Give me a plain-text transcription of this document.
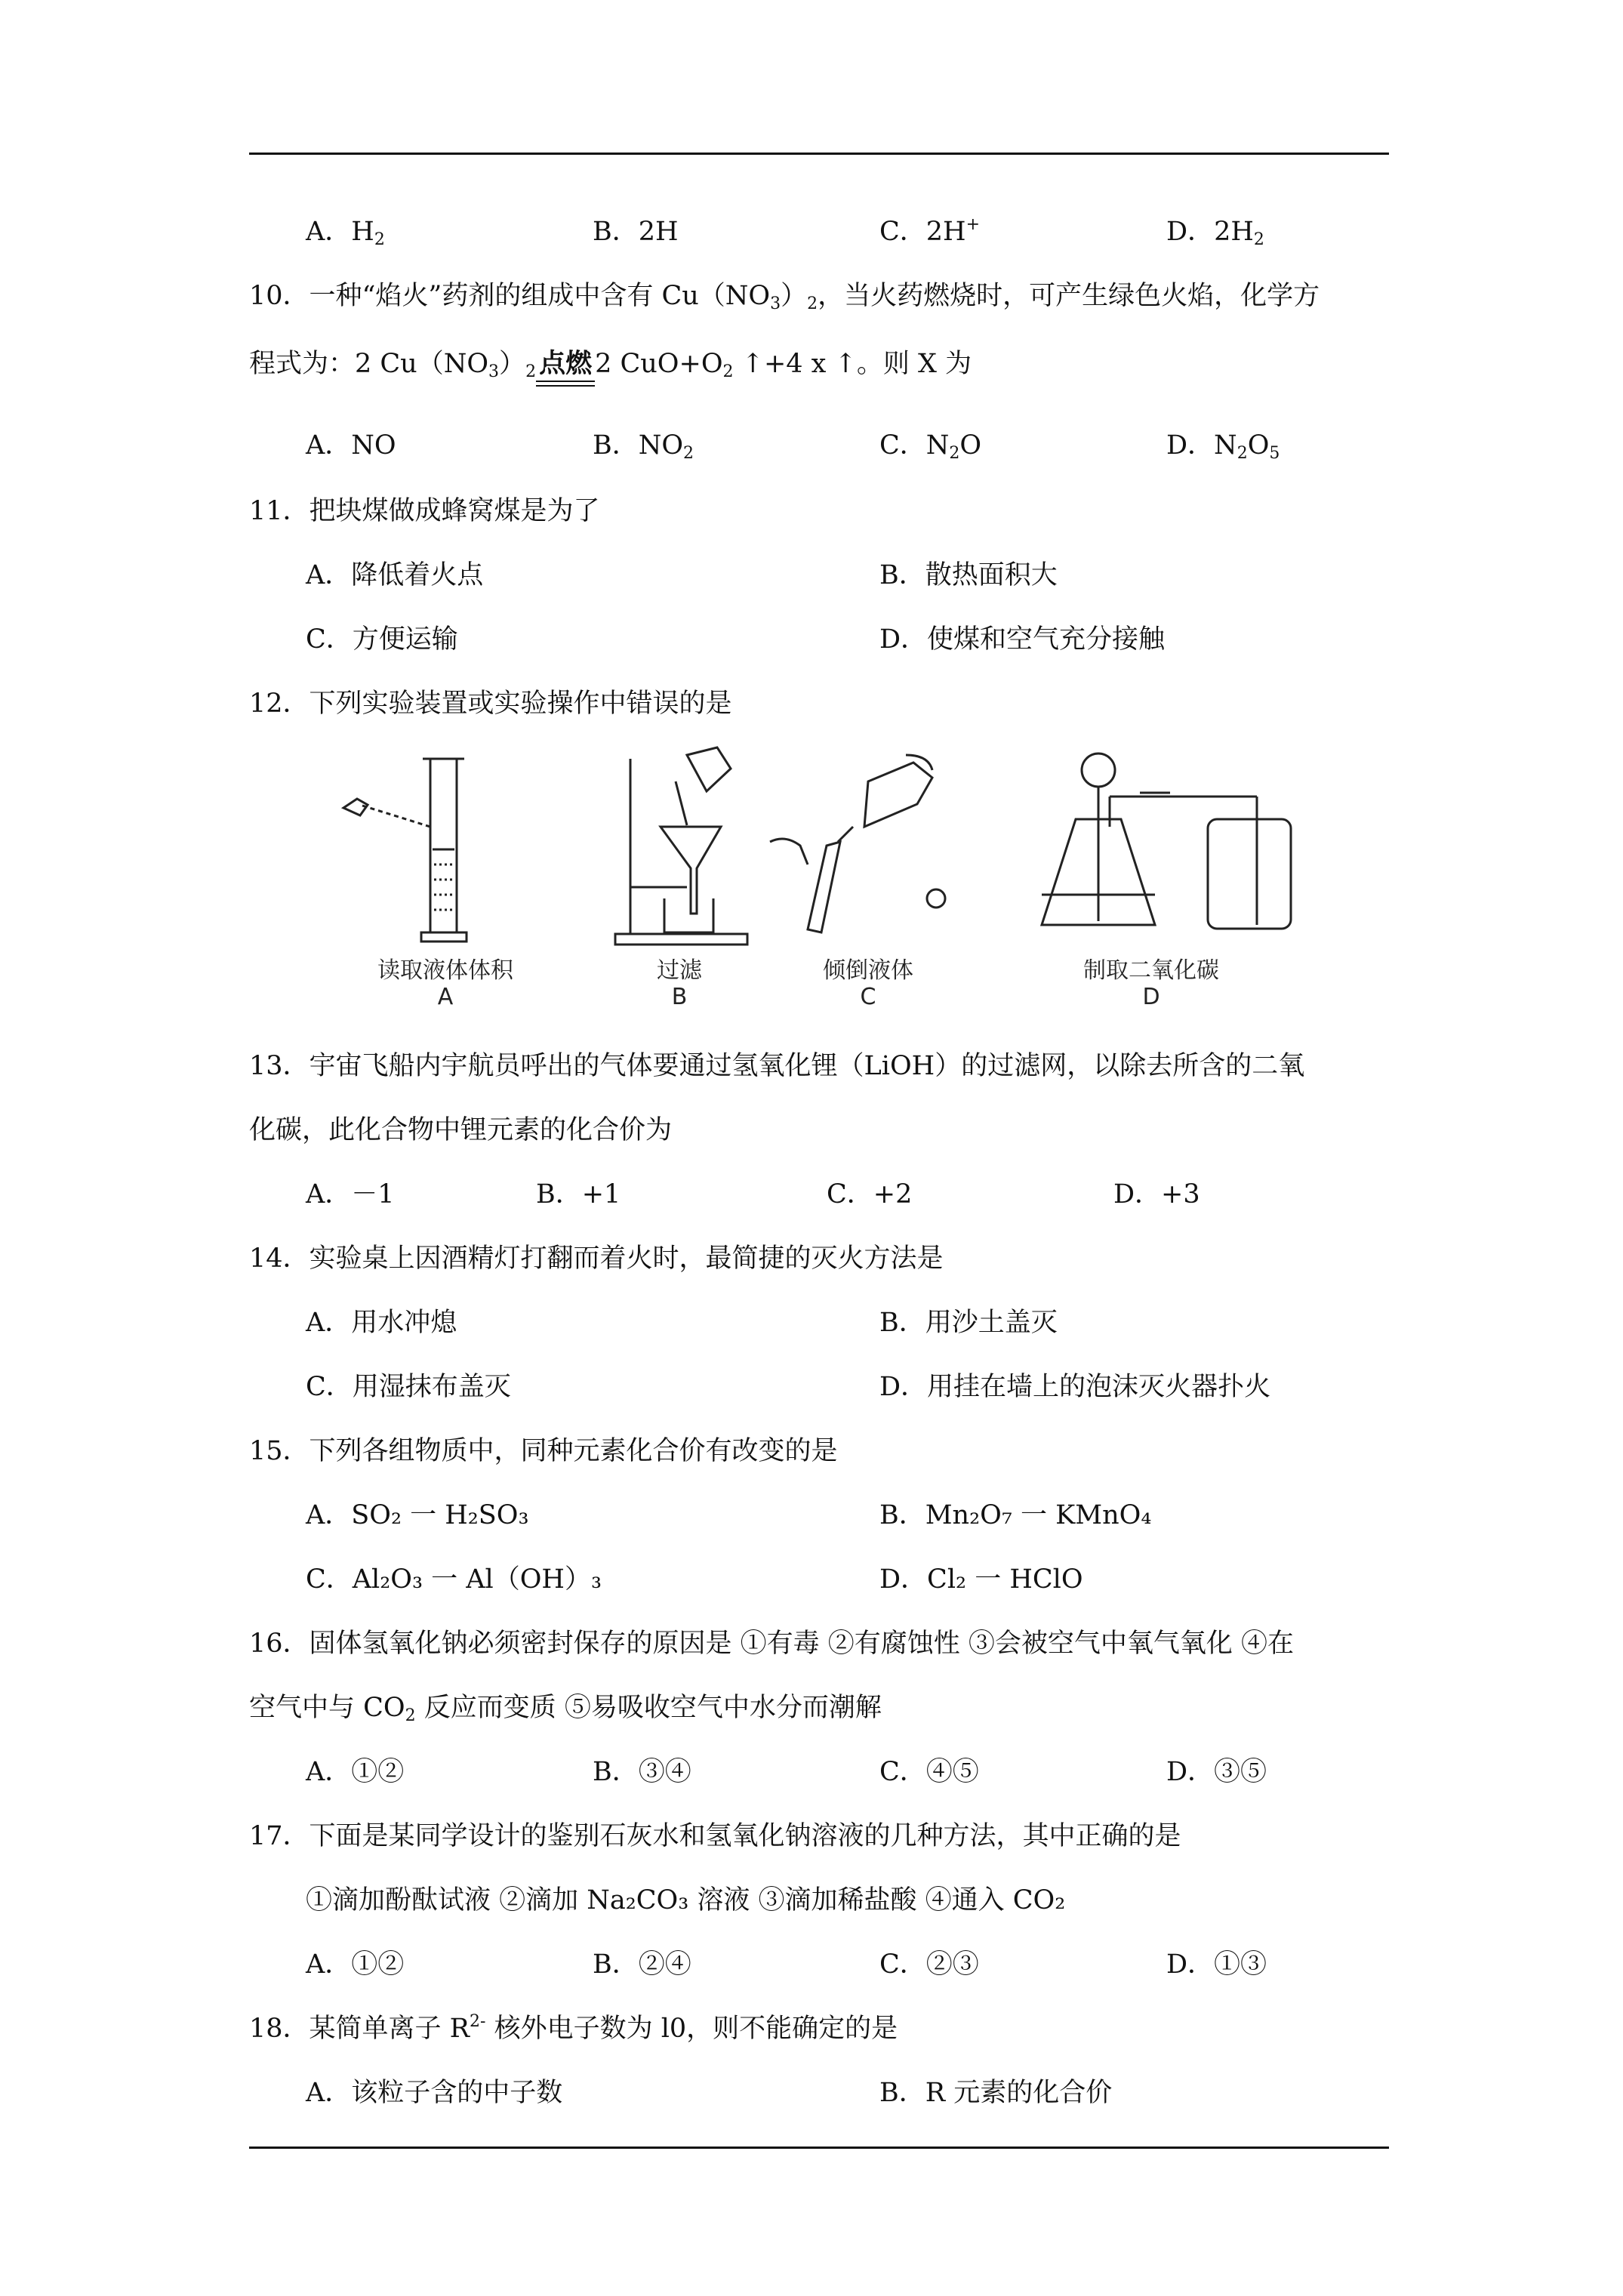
A．$H_2$	B．2H	C．2H+	D．$2H_2$
10．一种“焰火”药剂的组成中含有 $Cu(NO_3)_2$，当火药燃烧时，可产生绿色火焰，化学方
程式为：2 $Cu(NO_3)_2$ 点燃 2 $CuO+O_2$ ↑+4 x ↑。则 X 为
A．NO	B．$NO_2$	C．$N_2O$	D．$N_2O_5$
11．把块煤做成蜂窝煤是为了
A．降低着火点	B．散热面积大
C．方便运输	D．使煤和空气充分接触
12．下列实验装置或实验操作中错误的是
读取液体体积	过滤	倾倒液体	制取二氧化碳
A	B	C	D
13．宇宙飞船内宇航员呼出的气体要通过氢氧化锂（LiOH）的过滤网，以除去所含的二氧
化碳，此化合物中锂元素的化合价为
A．－1	B．+1	C．+2	D．+3
14．实验桌上因酒精灯打翻而着火时，最简捷的灭火方法是
A．用水冲熄	B．用沙土盖灭
C．用湿抹布盖灭	D．用挂在墙上的泡沫灭火器扑火
15．下列各组物质中，同种元素化合价有改变的是
A．SO₂ 一 H₂SO₃	B．Mn₂O₇ 一 KMnO₄
C．Al₂O₃ 一 Al（OH）₃	D．Cl₂ 一 HClO
16．固体氢氧化钠必须密封保存的原因是 ①有毒 ②有腐蚀性 ③会被空气中氧气氧化 ④在
空气中与 $CO_2$ 反应而变质 ⑤易吸收空气中水分而潮解
A．①②	B．③④	C．④⑤	D．③⑤
17．下面是某同学设计的鉴别石灰水和氢氧化钠溶液的几种方法，其中正确的是
①滴加酚酞试液 ②滴加 Na₂CO₃ 溶液 ③滴加稀盐酸 ④通入 CO₂
A．①②	B．②④	C．②③	D．①③
18．某简单离子 $R^{2-}$ 核外电子数为 l0，则不能确定的是
A．该粒子含的中子数	B．R 元素的化合价
